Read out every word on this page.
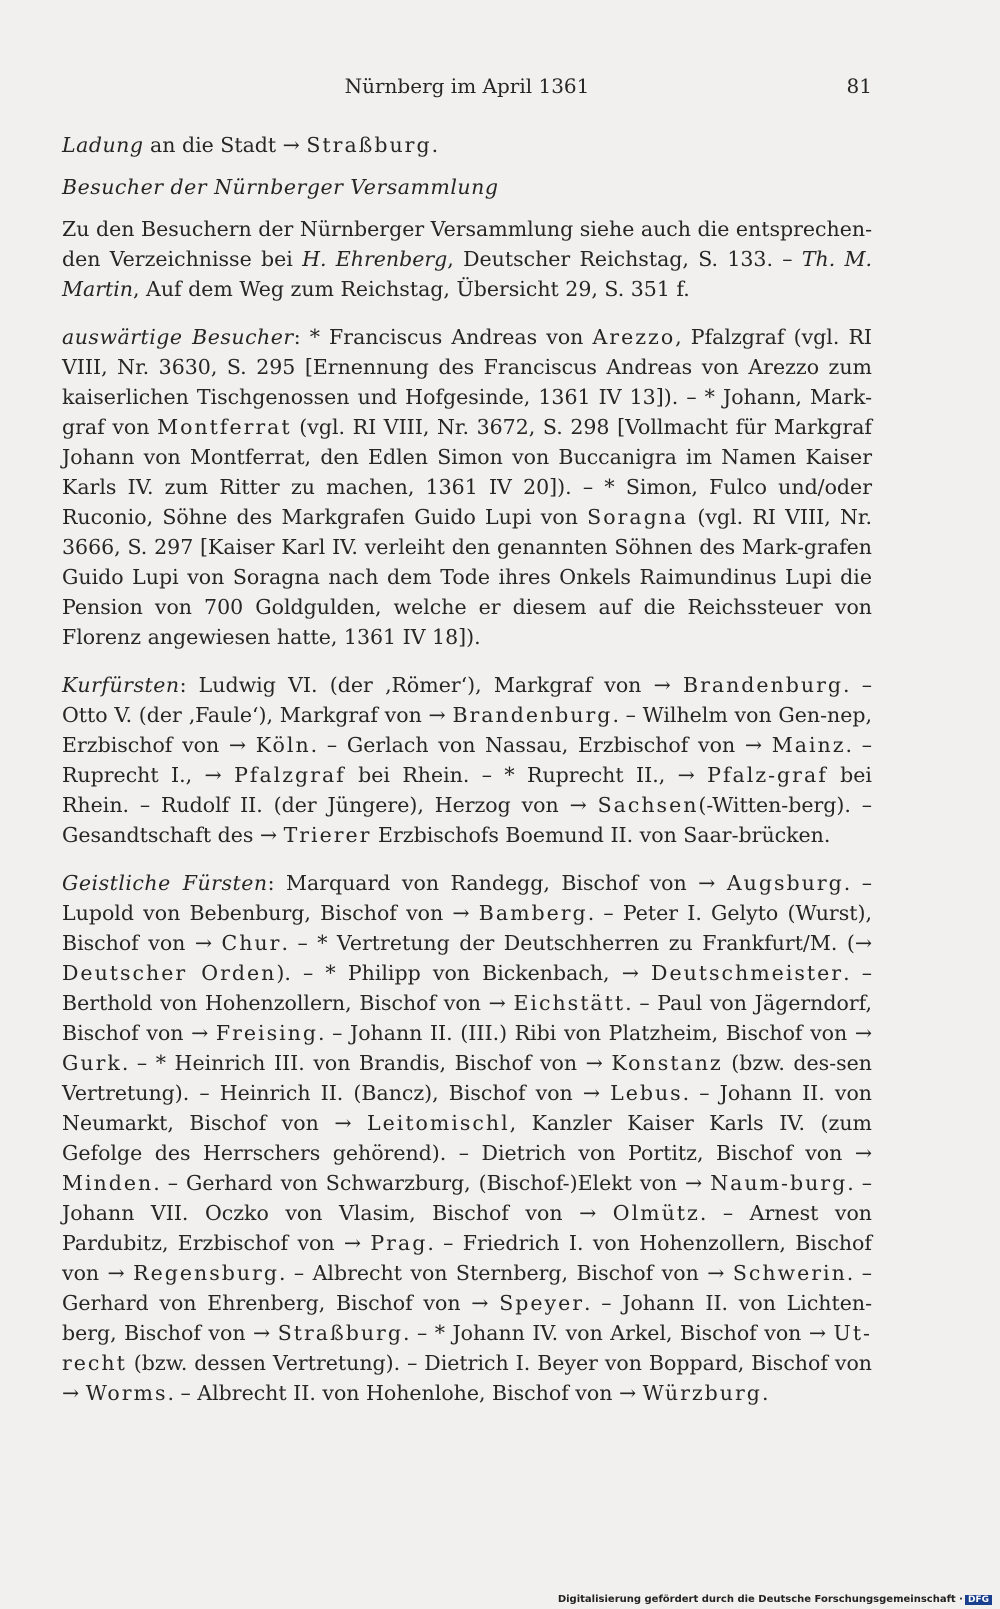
Nürnberg im April 1361	81

Ladung an die Stadt → Straßburg.

Besucher der Nürnberger Versammlung

Zu den Besuchern der Nürnberger Versammlung siehe auch die entsprechen-den Verzeichnisse bei H. Ehrenberg, Deutscher Reichstag, S. 133. – Th. M. Martin, Auf dem Weg zum Reichstag, Übersicht 29, S. 351 f.

auswärtige Besucher: * Franciscus Andreas von Arezzo, Pfalzgraf (vgl. RI VIII, Nr. 3630, S. 295 [Ernennung des Franciscus Andreas von Arezzo zum kaiserlichen Tischgenossen und Hofgesinde, 1361 IV 13]). – * Johann, Mark-graf von Montferrat (vgl. RI VIII, Nr. 3672, S. 298 [Vollmacht für Markgraf Johann von Montferrat, den Edlen Simon von Buccanigra im Namen Kaiser Karls IV. zum Ritter zu machen, 1361 IV 20]). – * Simon, Fulco und/oder Ruconio, Söhne des Markgrafen Guido Lupi von Soragna (vgl. RI VIII, Nr. 3666, S. 297 [Kaiser Karl IV. verleiht den genannten Söhnen des Mark-grafen Guido Lupi von Soragna nach dem Tode ihres Onkels Raimundinus Lupi die Pension von 700 Goldgulden, welche er diesem auf die Reichssteuer von Florenz angewiesen hatte, 1361 IV 18]).

Kurfürsten: Ludwig VI. (der ‚Römer‘), Markgraf von → Brandenburg. – Otto V. (der ‚Faule‘), Markgraf von → Brandenburg. – Wilhelm von Gen-nep, Erzbischof von → Köln. – Gerlach von Nassau, Erzbischof von → Mainz. – Ruprecht I., → Pfalzgraf bei Rhein. – * Ruprecht II., → Pfalz-graf bei Rhein. – Rudolf II. (der Jüngere), Herzog von → Sachsen(-Witten-berg). – Gesandtschaft des → Trierer Erzbischofs Boemund II. von Saar-brücken.

Geistliche Fürsten: Marquard von Randegg, Bischof von → Augsburg. – Lupold von Bebenburg, Bischof von → Bamberg. – Peter I. Gelyto (Wurst), Bischof von → Chur. – * Vertretung der Deutschherren zu Frankfurt/M. (→ Deutscher Orden). – * Philipp von Bickenbach, → Deutschmeister. – Berthold von Hohenzollern, Bischof von → Eichstätt. – Paul von Jägerndorf, Bischof von → Freising. – Johann II. (III.) Ribi von Platzheim, Bischof von → Gurk. – * Heinrich III. von Brandis, Bischof von → Konstanz (bzw. des-sen Vertretung). – Heinrich II. (Bancz), Bischof von → Lebus. – Johann II. von Neumarkt, Bischof von → Leitomischl, Kanzler Kaiser Karls IV. (zum Gefolge des Herrschers gehörend). – Dietrich von Portitz, Bischof von → Minden. – Gerhard von Schwarzburg, (Bischof-)Elekt von → Naum-burg. – Johann VII. Oczko von Vlasim, Bischof von → Olmütz. – Arnest von Pardubitz, Erzbischof von → Prag. – Friedrich I. von Hohenzollern, Bischof von → Regensburg. – Albrecht von Sternberg, Bischof von → Schwerin. – Gerhard von Ehrenberg, Bischof von → Speyer. – Johann II. von Lichten-berg, Bischof von → Straßburg. – * Johann IV. von Arkel, Bischof von → Ut-recht (bzw. dessen Vertretung). – Dietrich I. Beyer von Boppard, Bischof von → Worms. – Albrecht II. von Hohenlohe, Bischof von → Würzburg.

Digitalisierung gefördert durch die Deutsche Forschungsgemeinschaft · DFG
